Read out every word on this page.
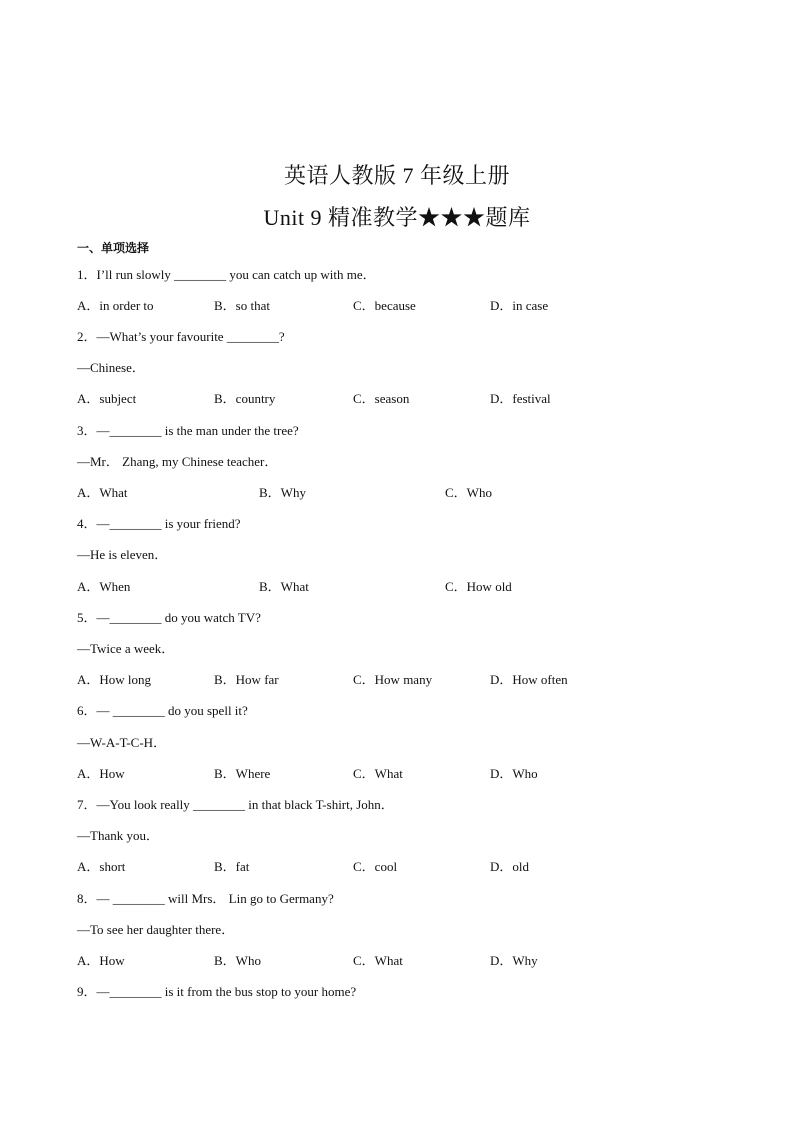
英语人教版 7 年级上册
Unit 9 精准教学★★★题库
一、单项选择
1．I’ll run slowly ________ you can catch up with me．
A．in order to	B．so that	C．because	D．in case
2．—What’s your favourite ________?
—Chinese．
A．subject	B．country	C．season	D．festival
3．—________ is the man under the tree?
—Mr． Zhang, my Chinese teacher．
A．What	B．Why	C．Who
4．—________ is your friend?
—He is eleven．
A．When	B．What	C．How old
5．—________ do you watch TV?
—Twice a week．
A．How long	B．How far	C．How many	D．How often
6．— ________ do you spell it?
—W-A-T-C-H．
A．How	B．Where	C．What	D．Who
7．—You look really ________ in that black T-shirt, John．
—Thank you．
A．short	B．fat	C．cool	D．old
8．— ________ will Mrs． Lin go to Germany?
—To see her daughter there．
A．How	B．Who	C．What	D．Why
9．—________ is it from the bus stop to your home?
